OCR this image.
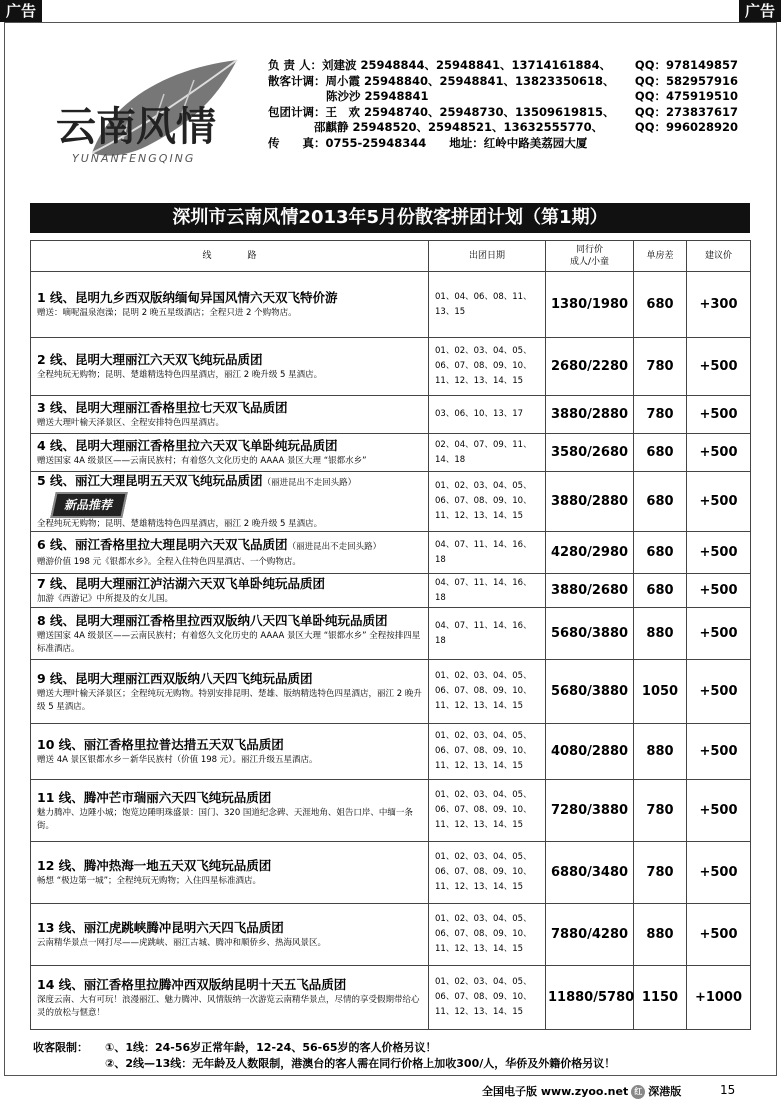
广告	广告
云南风情
YUNANFENGQING
负 责 人： 刘建波 25948844、25948841、13714161884、	QQ：978149857
散客计调： 周小霞 25948840、25948841、13823350618、	QQ：582957916
陈沙沙 25948841	QQ：475919510
包团计调： 王　欢 25948740、25948730、13509619815、	QQ：273837617
邵麒静 25948520、25948521、13632555770、	QQ：996028920
传　　真： 0755-25948344　　地址：红岭中路美荔园大厦
深圳市云南风情2013年5月份散客拼团计划（第1期）
线　　　　路	出团日期	同行价
成人/小童	单房差	建议价

1 线、昆明九乡西双版纳缅甸异国风情六天双飞特价游
赠送：嘀呢温泉泡澡；昆明 2 晚五星级酒店；全程只进 2 个购物店。	01、04、06、08、11、13、15	1380/1980	680	+300

2 线、昆明大理丽江六天双飞纯玩品质团
全程纯玩无购物；昆明、楚雄精选特色四星酒店，丽江 2 晚升级 5 星酒店。	01、02、03、04、05、06、07、08、09、10、11、12、13、14、15	2680/2280	780	+500

3 线、昆明大理丽江香格里拉七天双飞品质团
赠送大理叶榆天泽景区、全程安排特色四星酒店。	03、06、10、13、17	3880/2880	780	+500

4 线、昆明大理丽江香格里拉六天双飞单卧纯玩品质团
赠送国家 4A 级景区——云南民族村；有着悠久文化历史的 AAAA 景区大理 “银都水乡”	02、04、07、09、11、14、18	3580/2680	680	+500

5 线、丽江大理昆明五天双飞纯玩品质团（丽进昆出不走回头路）新品推荐
全程纯玩无购物；昆明、楚雄精选特色四星酒店，丽江 2 晚升级 5 星酒店。	01、02、03、04、05、06、07、08、09、10、11、12、13、14、15	3880/2880	680	+500

6 线、丽江香格里拉大理昆明六天双飞品质团（丽进昆出不走回头路）
赠游价值 198 元《银都水乡》。全程入住特色四星酒店、一个购物店。	04、07、11、14、16、18	4280/2980	680	+500

7 线、昆明大理丽江泸沽湖六天双飞单卧纯玩品质团
加游《西游记》中所提及的女儿国。	04、07、11、14、16、18	3880/2680	680	+500

8 线、昆明大理丽江香格里拉西双版纳八天四飞单卧纯玩品质团
赠送国家 4A 级景区——云南民族村；有着悠久文化历史的 AAAA 景区大理 “银都水乡” 全程按排四星标准酒店。	04、07、11、14、16、18	5680/3880	880	+500

9 线、昆明大理丽江西双版纳八天四飞纯玩品质团
赠送大理叶榆天泽景区；全程纯玩无购物。特别安排昆明、楚雄、版纳精选特色四星酒店，丽江 2 晚升级 5 星酒店。	01、02、03、04、05、06、07、08、09、10、11、12、13、14、15	5680/3880	1050	+500

10 线、丽江香格里拉普达措五天双飞品质团
赠送 4A 景区银都水乡－新华民族村（价值 198 元）。丽江升级五星酒店。	01、02、03、04、05、06、07、08、09、10、11、12、13、14、15	4080/2880	880	+500

11 线、腾冲芒市瑞丽六天四飞纯玩品质团
魅力腾冲、边陲小城；饱览边陲明珠盛景：国门、320 国道纪念碑、天涯地角、姐告口岸、中缅一条街。	01、02、03、04、05、06、07、08、09、10、11、12、13、14、15	7280/3880	780	+500

12 线、腾冲热海一地五天双飞纯玩品质团
畅想 “极边第一城”；全程纯玩无购物；入住四星标准酒店。	01、02、03、04、05、06、07、08、09、10、11、12、13、14、15	6880/3480	780	+500

13 线、丽江虎跳峡腾冲昆明六天四飞品质团
云南精华景点一网打尽——虎跳峡、丽江古城、腾冲和顺侨乡、热海风景区。	01、02、03、04、05、06、07、08、09、10、11、12、13、14、15	7880/4280	880	+500

14 线、丽江香格里拉腾冲西双版纳昆明十天五飞品质团
深度云南、大有可玩！浪漫丽江、魅力腾冲、风情版纳一次游览云南精华景点，尽情的享受假期带给心灵的放松与惬意！	01、02、03、04、05、06、07、08、09、10、11、12、13、14、15	11880/5780	1150	+1000
收客限制：	①、1线：24-56岁正常年龄，12-24、56-65岁的客人价格另议！
②、2线—13线：无年龄及人数限制，港澳台的客人需在同行价格上加收300/人，华侨及外籍价格另议！
全国电子版 www.zyoo.net 红 深港版	15
